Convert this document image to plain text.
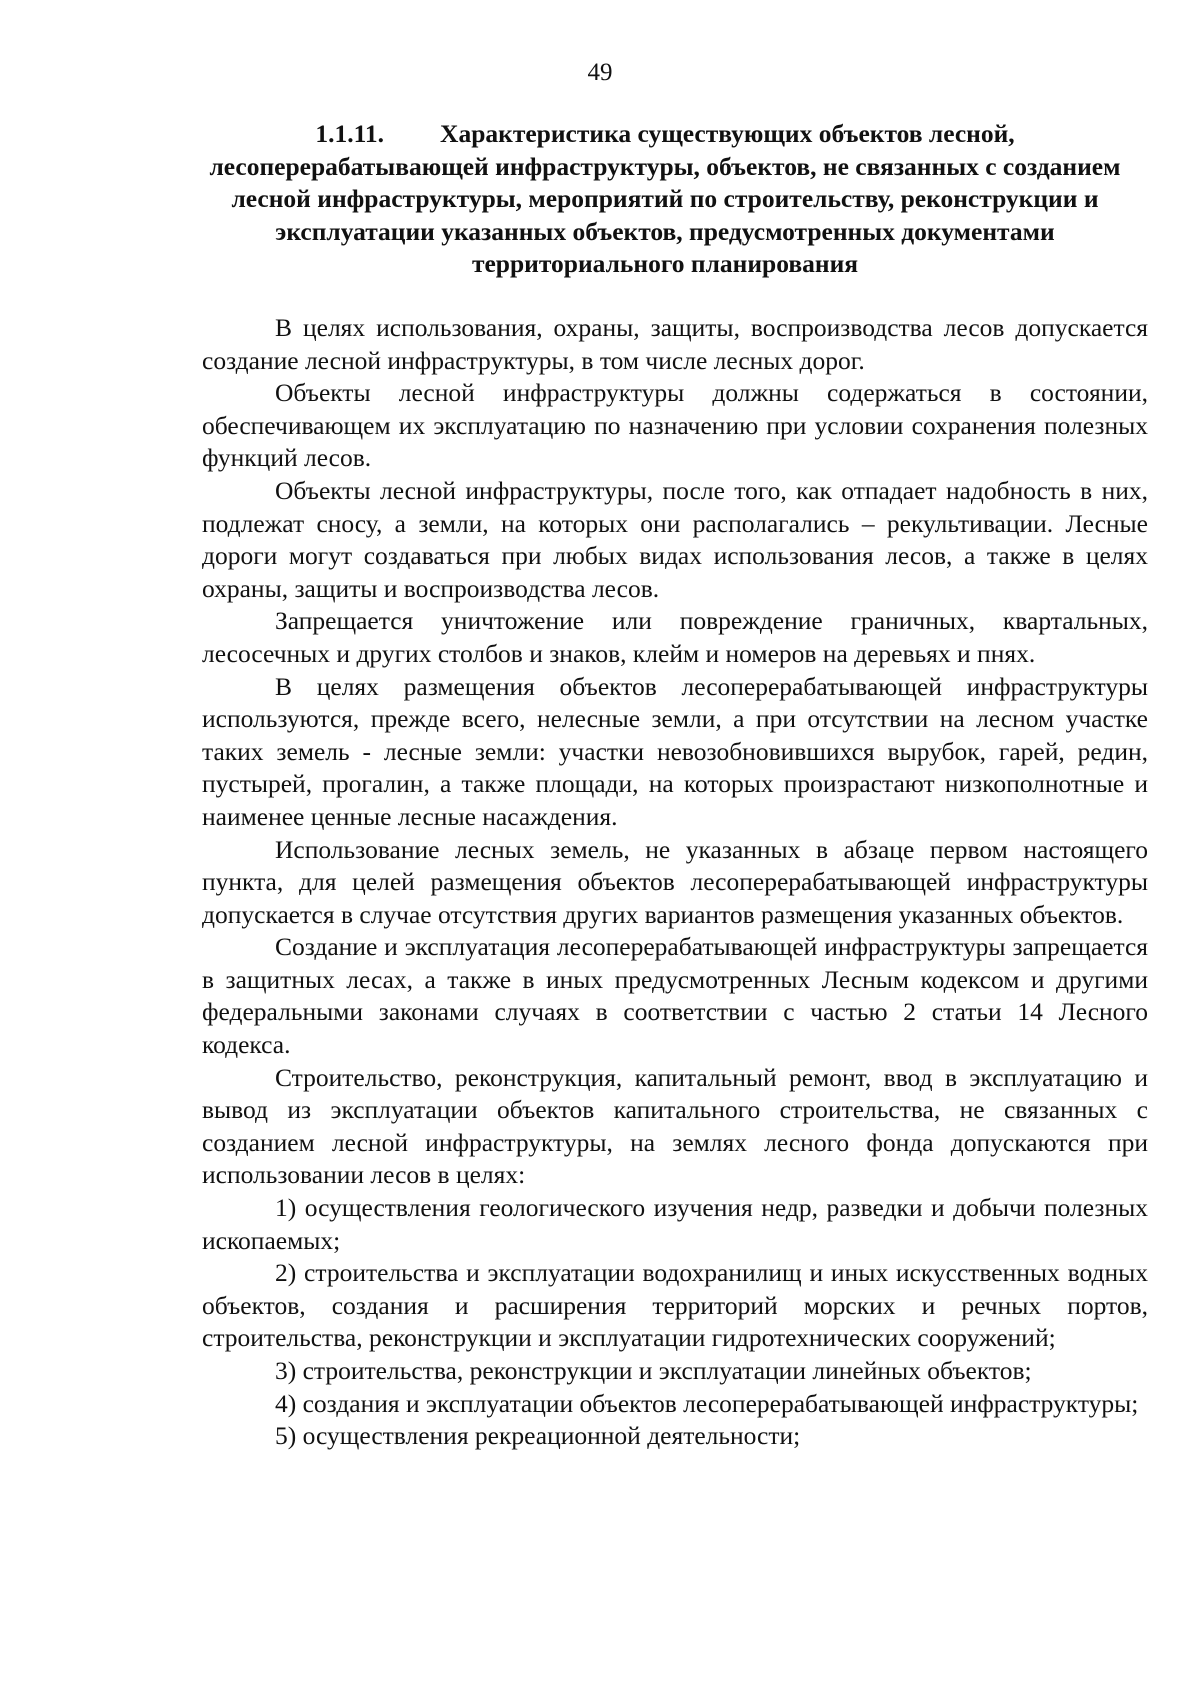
49
1.1.11. Характеристика существующих объектов лесной, лесоперерабатывающей инфраструктуры, объектов, не связанных с созданием лесной инфраструктуры, мероприятий по строительству, реконструкции и эксплуатации указанных объектов, предусмотренных документами территориального планирования

В целях использования, охраны, защиты, воспроизводства лесов допускается создание лесной инфраструктуры, в том числе лесных дорог.

Объекты лесной инфраструктуры должны содержаться в состоянии, обеспечивающем их эксплуатацию по назначению при условии сохранения полезных функций лесов.

Объекты лесной инфраструктуры, после того, как отпадает надобность в них, подлежат сносу, а земли, на которых они располагались – рекультивации. Лесные дороги могут создаваться при любых видах использования лесов, а также в целях охраны, защиты и воспроизводства лесов.

Запрещается уничтожение или повреждение граничных, квартальных, лесосечных и других столбов и знаков, клейм и номеров на деревьях и пнях.

В целях размещения объектов лесоперерабатывающей инфраструктуры используются, прежде всего, нелесные земли, а при отсутствии на лесном участке таких земель - лесные земли: участки невозобновившихся вырубок, гарей, редин, пустырей, прогалин, а также площади, на которых произрастают низкополнотные и наименее ценные лесные насаждения.

Использование лесных земель, не указанных в абзаце первом настоящего пункта, для целей размещения объектов лесоперерабатывающей инфраструктуры допускается в случае отсутствия других вариантов размещения указанных объектов.

Создание и эксплуатация лесоперерабатывающей инфраструктуры запрещается в защитных лесах, а также в иных предусмотренных Лесным кодексом и другими федеральными законами случаях в соответствии с частью 2 статьи 14 Лесного кодекса.

Строительство, реконструкция, капитальный ремонт, ввод в эксплуатацию и вывод из эксплуатации объектов капитального строительства, не связанных с созданием лесной инфраструктуры, на землях лесного фонда допускаются при использовании лесов в целях:

1) осуществления геологического изучения недр, разведки и добычи полезных ископаемых;

2) строительства и эксплуатации водохранилищ и иных искусственных водных объектов, создания и расширения территорий морских и речных портов, строительства, реконструкции и эксплуатации гидротехнических сооружений;

3) строительства, реконструкции и эксплуатации линейных объектов;

4) создания и эксплуатации объектов лесоперерабатывающей инфраструктуры;

5) осуществления рекреационной деятельности;
